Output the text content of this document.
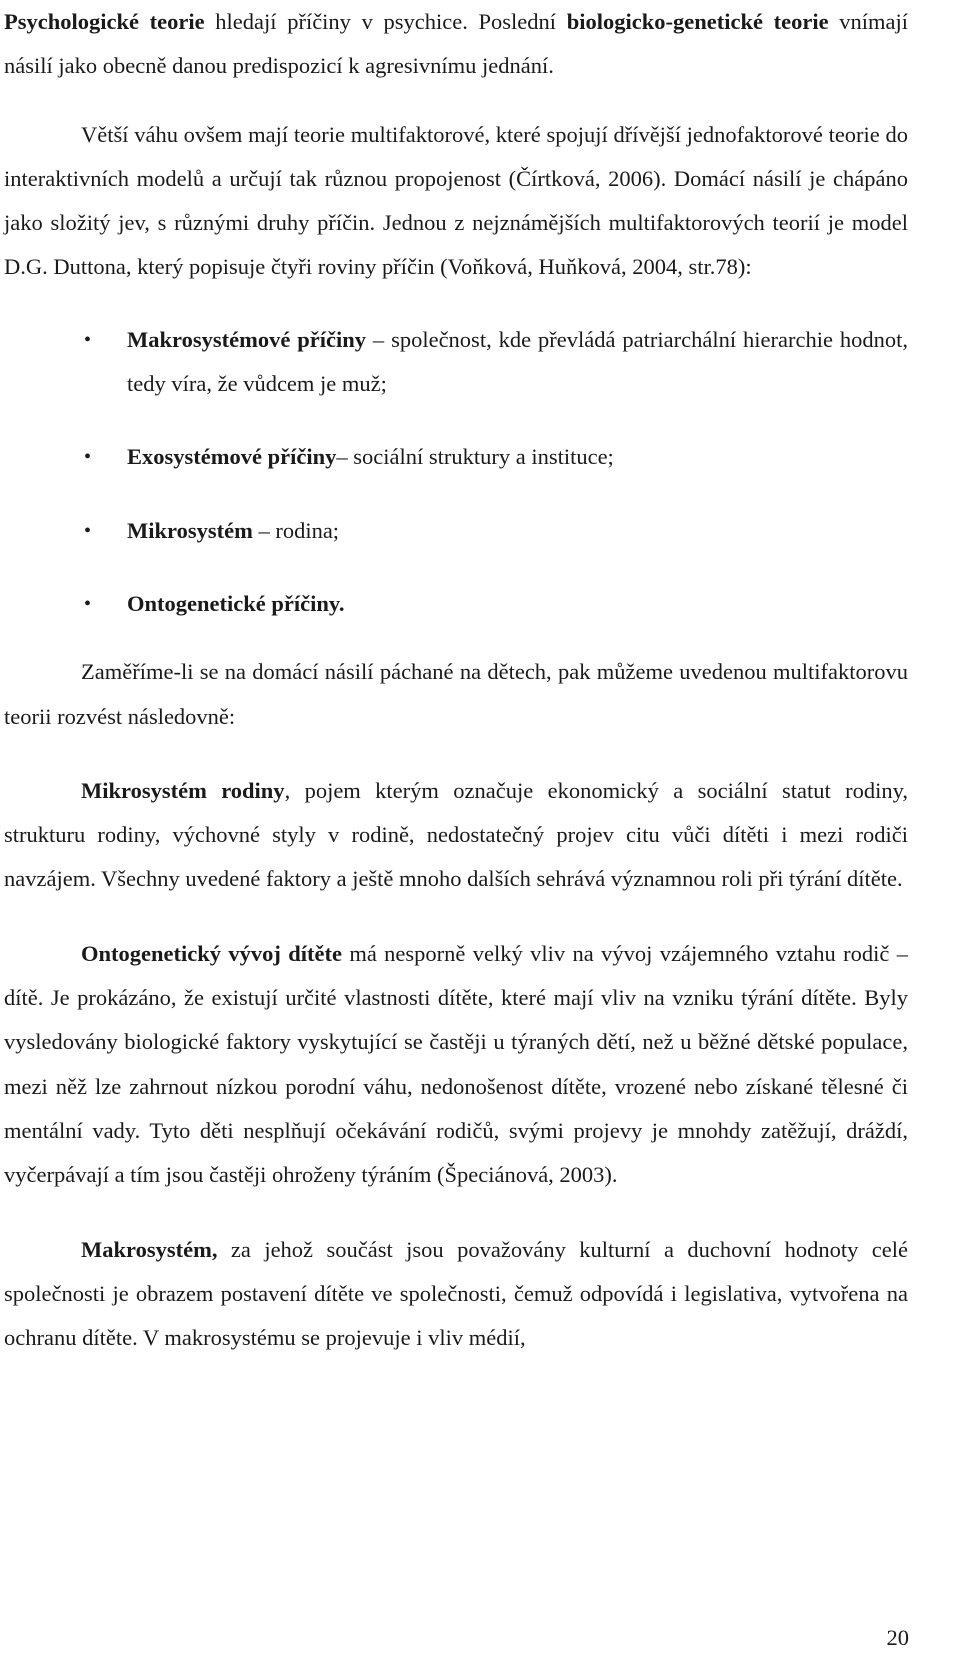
Psychologické teorie hledají příčiny v psychice. Poslední biologicko-genetické teorie vnímají násilí jako obecně danou predispozicí k agresivnímu jednání.

Větší váhu ovšem mají teorie multifaktorové, které spojují dřívější jednofaktorové teorie do interaktivních modelů a určují tak různou propojenost (Čírtková, 2006). Domácí násilí je chápáno jako složitý jev, s různými druhy příčin. Jednou z nejznámějších multifaktorových teorií je model D.G. Duttona, který popisuje čtyři roviny příčin (Voňková, Huňková, 2004, str.78):

• Makrosystémové příčiny – společnost, kde převládá patriarchální hierarchie hodnot, tedy víra, že vůdcem je muž;
• Exosystémové příčiny– sociální struktury a instituce;
• Mikrosystém – rodina;
• Ontogenetické příčiny.

Zaměříme-li se na domácí násilí páchané na dětech, pak můžeme uvedenou multifaktorovu teorii rozvést následovně:

Mikrosystém rodiny, pojem kterým označuje ekonomický a sociální statut rodiny, strukturu rodiny, výchovné styly v rodině, nedostatečný projev citu vůči dítěti i mezi rodiči navzájem. Všechny uvedené faktory a ještě mnoho dalších sehrává významnou roli při týrání dítěte.

Ontogenetický vývoj dítěte má nesporně velký vliv na vývoj vzájemného vztahu rodič – dítě. Je prokázáno, že existují určité vlastnosti dítěte, které mají vliv na vzniku týrání dítěte. Byly vysledovány biologické faktory vyskytující se častěji u týraných dětí, než u běžné dětské populace, mezi něž lze zahrnout nízkou porodní váhu, nedonošenost dítěte, vrozené nebo získané tělesné či mentální vady. Tyto děti nesplňují očekávání rodičů, svými projevy je mnohdy zatěžují, dráždí, vyčerpávají a tím jsou častěji ohroženy týráním (Špeciánová, 2003).

Makrosystém, za jehož součást jsou považovány kulturní a duchovní hodnoty celé společnosti je obrazem postavení dítěte ve společnosti, čemuž odpovídá i legislativa, vytvořena na ochranu dítěte. V makrosystému se projevuje i vliv médií,

20
